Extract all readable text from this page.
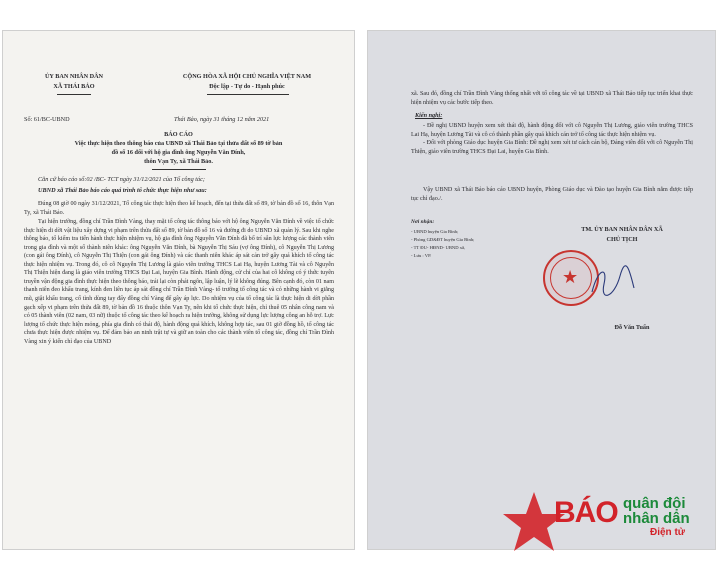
ỦY BAN NHÂN DÂN
XÃ THÁI BẢO
CỘNG HÒA XÃ HỘI CHỦ NGHĨA VIỆT NAM
Độc lập - Tự do - Hạnh phúc
Số: 61/BC-UBND	Thái Bảo, ngày 31 tháng 12 năm 2021
BÁO CÁO
Việc thực hiện theo thông báo của UBND xã Thái Bảo tại thửa đất số 89 tờ bản
đồ số 16 đối với hộ gia đình ông Nguyễn Văn Đính,
thôn Vạn Ty, xã Thái Bảo.
Căn cứ báo cáo số:02 /BC- TCT ngày 31/12/2021 của Tổ công tác;
UBND xã Thái Bảo báo cáo quá trình tổ chức thực hiện như sau:

Đúng 08 giờ 00 ngày 31/12/2021, Tổ công tác thực hiện theo kế hoạch, đến tại thửa đất số 89, tờ bản đồ số 16, thôn Vạn Ty, xã Thái Bảo.

Tại hiện trường, đồng chí Trần Đình Vàng, thay mặt tổ công tác thông báo với hộ ông Nguyễn Văn Đính về việc tổ chức thực hiện di dời vật liệu xây dựng vi phạm trên thửa đất số 89, tờ bản đồ số 16 và đường đi do UBND xã quản lý. Sau khi nghe thông báo, tổ kiểm tra tiến hành thực hiện nhiệm vụ, hộ gia đình ông Nguyễn Văn Đính đã bố trí sẵn lực lượng các thành viên trong gia đình và một số thành niên khác: ông Nguyễn Văn Đính, bà Nguyễn Thị Sáu (vợ ông Đính), cô Nguyễn Thị Lương (con gái ông Đính), cô Nguyễn Thị Thiện (con gái ông Đính) và các thanh niên khác áp sát cản trở gây quá khích tổ công tác thực hiện nhiệm vụ. Trong đó, cô cô Nguyễn Thị Lương là giáo viên trường THCS Lai Hạ, huyện Lương Tài và cô Nguyễn Thị Thiện hiện đang là giáo viên trường THCS Đại Lai, huyện Gia Bình. Hành động, cử chỉ của hai cô không có ý thức tuyên truyền vận động gia đình thực hiện theo thông báo, trái lại còn phát ngôn, lập luận, lý lẽ không đúng. Bên cạnh đó, còn 01 nam thanh niên đeo khẩu trang, kính đen liên tục áp sát đồng chí Trần Đình Vàng- tổ trưởng tổ công tác và có những hành vi giằng mũ, giật khẩu trang, cố tình dùng tay đẩy đồng chí Vàng để gây áp lực. Do nhiệm vụ của tổ công tác là thực hiện di dời phần gạch xếp vi phạm trên thửa đất 89, tờ bản đồ 16 thuộc thôn Vạn Ty, nên khi tổ chức thực hiện, chỉ thuê 05 nhân công nam và có 05 thành viên (02 nam, 03 nữ) thuộc tổ công tác theo kế hoạch ra hiện trường, không sử dụng lực lượng công an hỗ trợ. Lực lượng tổ chức thực hiện mỏng, phía gia đình có thái độ, hành động quá khích, không hợp tác, sau 01 giờ đồng hồ, tổ công tác chưa thực hiện được nhiệm vụ. Để đảm bảo an ninh trật tự và giữ an toàn cho các thành viên tổ công tác, đồng chí Trần Đình Vàng xin ý kiến chỉ đạo của UBND

xã. Sau đó, đồng chí Trần Đình Vàng thống nhất với tổ công tác về tại UBND xã Thái Bảo tiếp tục triển khai thực hiện nhiệm vụ các bước tiếp theo.
Kiến nghị:

- Đề nghị UBND huyện xem xét thái độ, hành động đối với cô Nguyễn Thị Lương, giáo viên trường THCS Lai Hạ, huyện Lương Tài và cô có thành phần gây quá khích cán trở tổ công tác thực hiện nhiệm vụ.

- Đối với phòng Giáo dục huyện Gia Bình: Đề nghị xem xét tư cách cán bộ, Đảng viên đối với cô Nguyễn Thị Thiện, giáo viên trường THCS Đại Lai, huyện Gia Bình.

Vậy UBND xã Thái Bảo báo cáo UBND huyện, Phòng Giáo dục và Đào tạo huyện Gia Bình nắm được tiếp tục chỉ đạo./.
Nơi nhận:
- UBND huyện Gia Bình;
- Phòng GD&ĐT huyện Gia Bình;
- TT ĐU- HĐND- UBND xã,
- Lưu : VP.
TM. ỦY BAN NHÂN DÂN XÃ
CHỦ TỊCH
Đỗ Văn Tuấn
★
BÁO quân đội
nhân dân
Điện tử
